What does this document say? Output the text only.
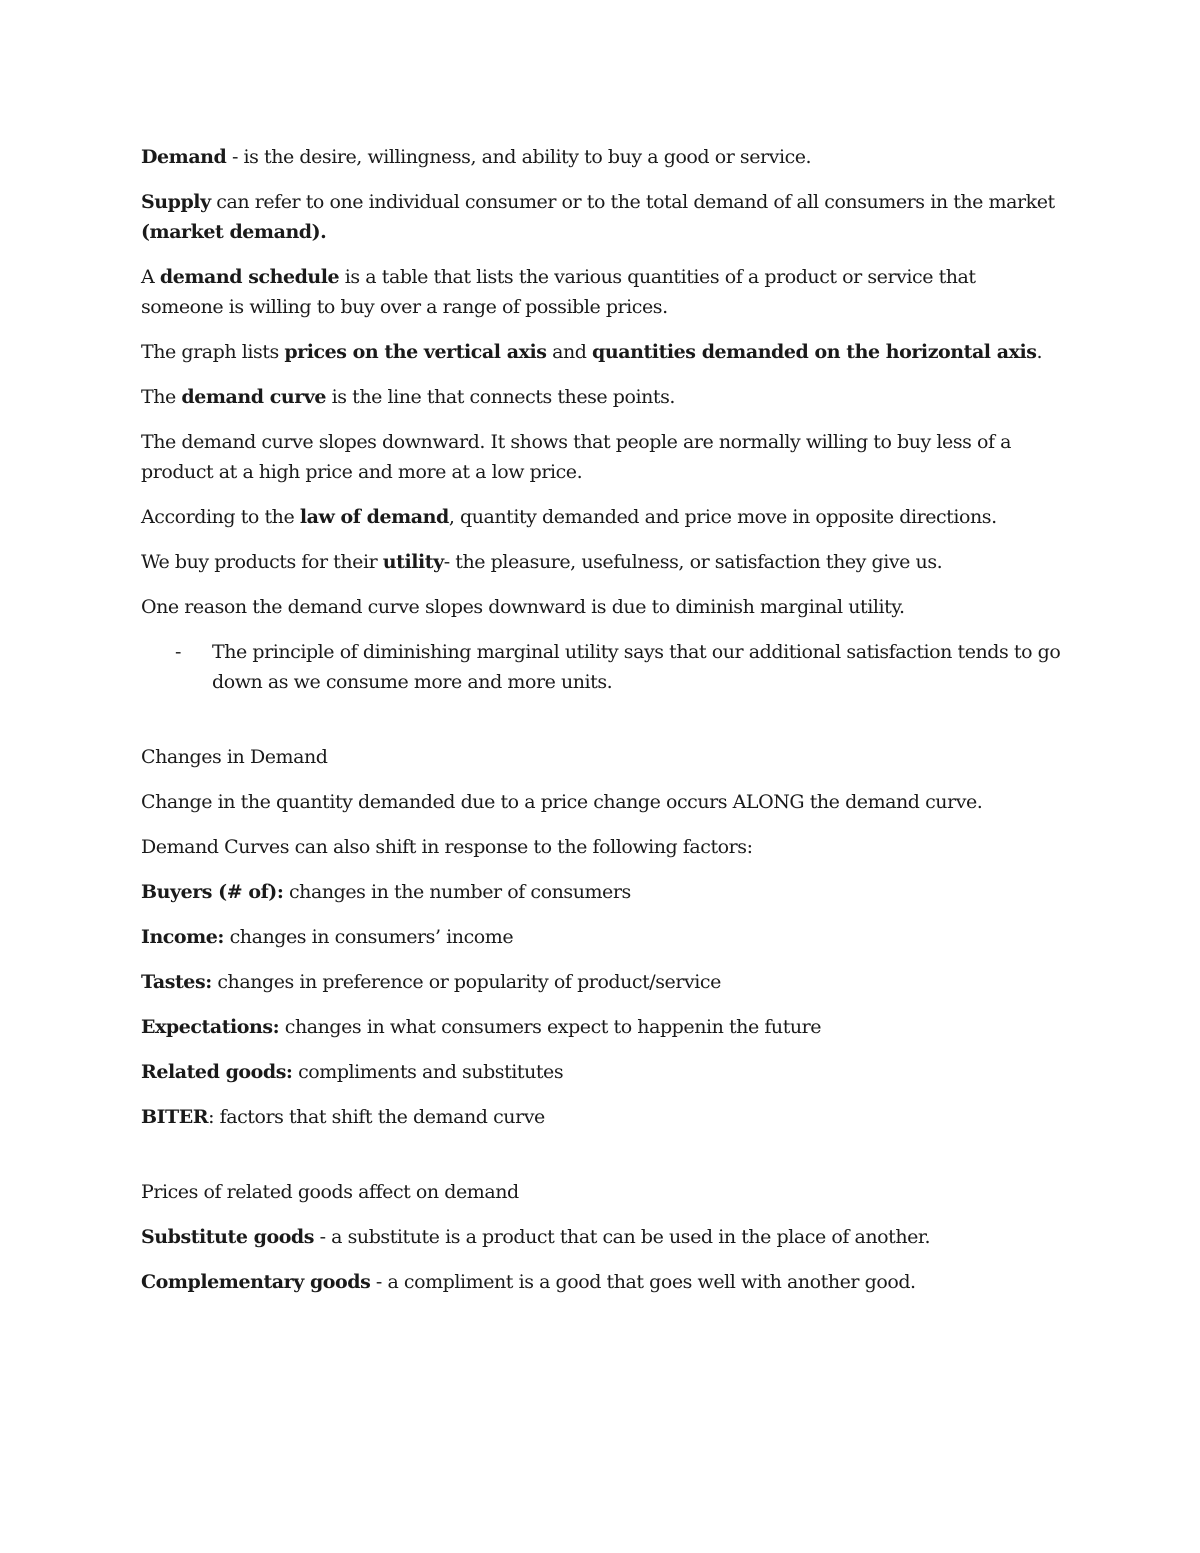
Demand - is the desire, willingness, and ability to buy a good or service.

Supply can refer to one individual consumer or to the total demand of all consumers in the market (market demand).

A demand schedule is a table that lists the various quantities of a product or service that someone is willing to buy over a range of possible prices.

The graph lists prices on the vertical axis and quantities demanded on the horizontal axis.

The demand curve is the line that connects these points.

The demand curve slopes downward. It shows that people are normally willing to buy less of a product at a high price and more at a low price.

According to the law of demand, quantity demanded and price move in opposite directions.

We buy products for their utility- the pleasure, usefulness, or satisfaction they give us.

One reason the demand curve slopes downward is due to diminish marginal utility.

-	The principle of diminishing marginal utility says that our additional satisfaction tends to go down as we consume more and more units.

Changes in Demand

Change in the quantity demanded due to a price change occurs ALONG the demand curve.

Demand Curves can also shift in response to the following factors:

Buyers (# of): changes in the number of consumers

Income: changes in consumers’ income

Tastes: changes in preference or popularity of product/service

Expectations: changes in what consumers expect to happenin the future

Related goods: compliments and substitutes

BITER: factors that shift the demand curve

Prices of related goods affect on demand

Substitute goods - a substitute is a product that can be used in the place of another.

Complementary goods - a compliment is a good that goes well with another good.
